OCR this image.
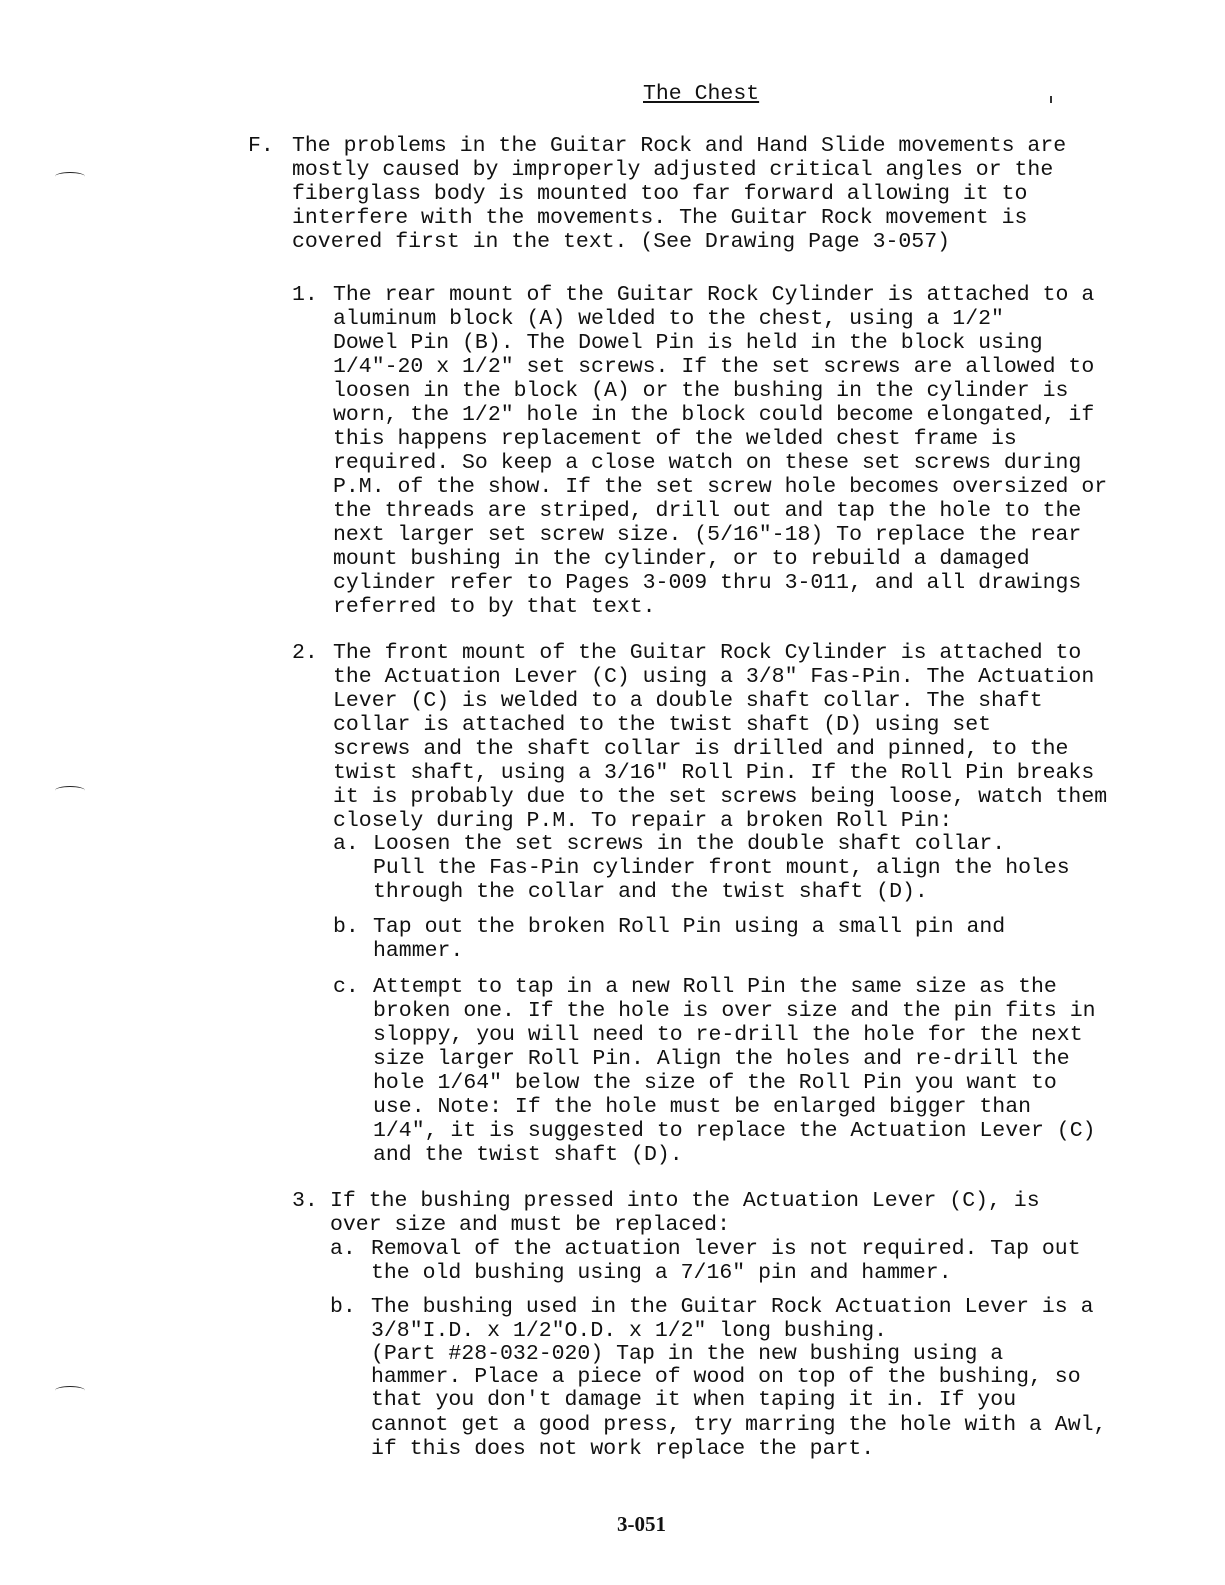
The Chest
F. The problems in the Guitar Rock and Hand Slide movements are
mostly caused by improperly adjusted critical angles or the
fiberglass body is mounted too far forward allowing it to
interfere with the movements. The Guitar Rock movement is
covered first in the text. (See Drawing Page 3-057)
1. The rear mount of the Guitar Rock Cylinder is attached to a
aluminum block (A) welded to the chest, using a 1/2"
Dowel Pin (B). The Dowel Pin is held in the block using
1/4"-20 x 1/2" set screws. If the set screws are allowed to
loosen in the block (A) or the bushing in the cylinder is
worn, the 1/2" hole in the block could become elongated, if
this happens replacement of the welded chest frame is
required. So keep a close watch on these set screws during
P.M. of the show. If the set screw hole becomes oversized or
the threads are striped, drill out and tap the hole to the
next larger set screw size. (5/16"-18) To replace the rear
mount bushing in the cylinder, or to rebuild a damaged
cylinder refer to Pages 3-009 thru 3-011, and all drawings
referred to by that text.
2. The front mount of the Guitar Rock Cylinder is attached to
the Actuation Lever (C) using a 3/8" Fas-Pin. The Actuation
Lever (C) is welded to a double shaft collar. The shaft
collar is attached to the twist shaft (D) using set
screws and the shaft collar is drilled and pinned, to the
twist shaft, using a 3/16" Roll Pin. If the Roll Pin breaks
it is probably due to the set screws being loose, watch them
closely during P.M. To repair a broken Roll Pin:
a. Loosen the set screws in the double shaft collar.
Pull the Fas-Pin cylinder front mount, align the holes
through the collar and the twist shaft (D).
b. Tap out the broken Roll Pin using a small pin and
hammer.
c. Attempt to tap in a new Roll Pin the same size as the
broken one. If the hole is over size and the pin fits in
sloppy, you will need to re-drill the hole for the next
size larger Roll Pin. Align the holes and re-drill the
hole 1/64" below the size of the Roll Pin you want to
use. Note: If the hole must be enlarged bigger than
1/4", it is suggested to replace the Actuation Lever (C)
and the twist shaft (D).
3. If the bushing pressed into the Actuation Lever (C), is
over size and must be replaced:
a. Removal of the actuation lever is not required. Tap out
the old bushing using a 7/16" pin and hammer.
b. The bushing used in the Guitar Rock Actuation Lever is a
3/8"I.D. x 1/2"O.D. x 1/2" long bushing.
(Part #28-032-020) Tap in the new bushing using a
hammer. Place a piece of wood on top of the bushing, so
that you don't damage it when taping it in. If you
cannot get a good press, try marring the hole with a Awl,
if this does not work replace the part.
3-051
